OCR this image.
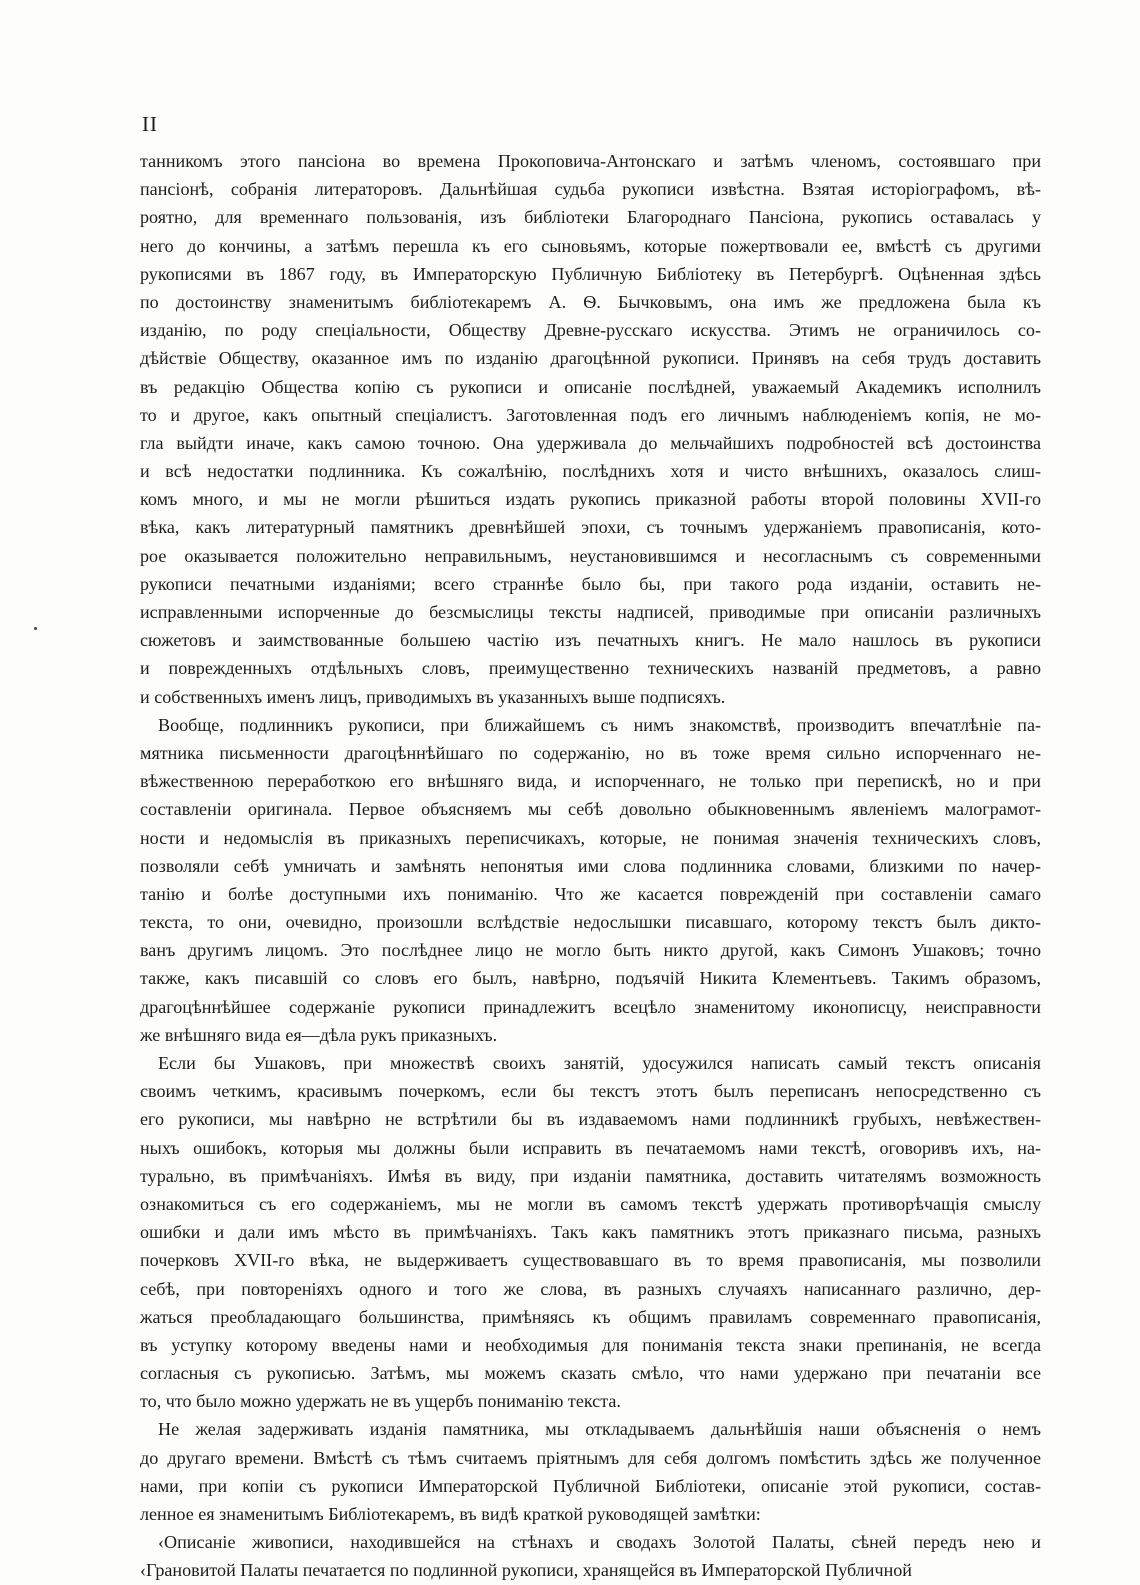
II
танникомъ этого пансіона во времена Прокоповича-Антонскаго и затѣмъ членомъ, состоявшаго при
пансіонѣ, собранія литераторовъ. Дальнѣйшая судьба рукописи извѣстна. Взятая исторіографомъ, вѣ-
роятно, для временнаго пользованія, изъ библіотеки Благороднаго Пансіона, рукопись оставалась у
него до кончины, а затѣмъ перешла къ его сыновьямъ, которые пожертвовали ее, вмѣстѣ съ другими
рукописями въ 1867 году, въ Императорскую Публичную Библіотеку въ Петербургѣ. Оцѣненная здѣсь
по достоинству знаменитымъ библіотекаремъ А. Ѳ. Бычковымъ, она имъ же предложена была къ
изданію, по роду спеціальности, Обществу Древне-русскаго искусства. Этимъ не ограничилось со-
дѣйствіе Обществу, оказанное имъ по изданію драгоцѣнной рукописи. Принявъ на себя трудъ доставить
въ редакцію Общества копію съ рукописи и описаніе послѣдней, уважаемый Академикъ исполнилъ
то и другое, какъ опытный спеціалистъ. Заготовленная подъ его личнымъ наблюденіемъ копія, не мо-
гла выйдти иначе, какъ самою точною. Она удерживала до мельчайшихъ подробностей всѣ достоинства
и всѣ недостатки подлинника. Къ сожалѣнію, послѣднихъ хотя и чисто внѣшнихъ, оказалось слиш-
комъ много, и мы не могли рѣшиться издать рукопись приказной работы второй половины XVII-го
вѣка, какъ литературный памятникъ древнѣйшей эпохи, съ точнымъ удержаніемъ правописанія, кото-
рое оказывается положительно неправильнымъ, неустановившимся и несогласнымъ съ современными
рукописи печатными изданіями; всего страннѣе было бы, при такого рода изданіи, оставить не-
исправленными испорченные до безсмыслицы тексты надписей, приводимые при описаніи различныхъ
сюжетовъ и заимствованные большею частію изъ печатныхъ книгъ. Не мало нашлось въ рукописи
и поврежденныхъ отдѣльныхъ словъ, преимущественно техническихъ названій предметовъ, а равно
и собственныхъ именъ лицъ, приводимыхъ въ указанныхъ выше подписяхъ.
Вообще, подлинникъ рукописи, при ближайшемъ съ нимъ знакомствѣ, производитъ впечатлѣніе па-
мятника письменности драгоцѣннѣйшаго по содержанію, но въ тоже время сильно испорченнаго не-
вѣжественною переработкою его внѣшняго вида, и испорченнаго, не только при перепискѣ, но и при
составленіи оригинала. Первое объясняемъ мы себѣ довольно обыкновеннымъ явленіемъ малограмот-
ности и недомыслія въ приказныхъ переписчикахъ, которые, не понимая значенія техническихъ словъ,
позволяли себѣ умничать и замѣнять непонятыя ими слова подлинника словами, близкими по начер-
танію и болѣе доступными ихъ пониманію. Что же касается поврежденій при составленіи самаго
текста, то они, очевидно, произошли вслѣдствіе недослышки писавшаго, которому текстъ былъ дикто-
ванъ другимъ лицомъ. Это послѣднее лицо не могло быть никто другой, какъ Симонъ Ушаковъ; точно
также, какъ писавшій со словъ его былъ, навѣрно, подъячій Никита Клементьевъ. Такимъ образомъ,
драгоцѣннѣйшее содержаніе рукописи принадлежитъ всецѣло знаменитому иконописцу, неисправности
же внѣшняго вида ея—дѣла рукъ приказныхъ.
Если бы Ушаковъ, при множествѣ своихъ занятій, удосужился написать самый текстъ описанія
своимъ четкимъ, красивымъ почеркомъ, если бы текстъ этотъ былъ переписанъ непосредственно съ
его рукописи, мы навѣрно не встрѣтили бы въ издаваемомъ нами подлинникѣ грубыхъ, невѣжествен-
ныхъ ошибокъ, которыя мы должны были исправить въ печатаемомъ нами текстѣ, оговоривъ ихъ, на-
турально, въ примѣчаніяхъ. Имѣя въ виду, при изданіи памятника, доставить читателямъ возможность
ознакомиться съ его содержаніемъ, мы не могли въ самомъ текстѣ удержать противорѣчащія смыслу
ошибки и дали имъ мѣсто въ примѣчаніяхъ. Такъ какъ памятникъ этотъ приказнаго письма, разныхъ
почерковъ XVII-го вѣка, не выдерживаетъ существовавшаго въ то время правописанія, мы позволили
себѣ, при повтореніяхъ одного и того же слова, въ разныхъ случаяхъ написаннаго различно, дер-
жаться преобладающаго большинства, примѣняясь къ общимъ правиламъ современнаго правописанія,
въ уступку которому введены нами и необходимыя для пониманія текста знаки препинанія, не всегда
согласныя съ рукописью. Затѣмъ, мы можемъ сказать смѣло, что нами удержано при печатаніи все
то, что было можно удержать не въ ущербъ пониманію текста.
Не желая задерживать изданія памятника, мы откладываемъ дальнѣйшія наши объясненія о немъ
до другаго времени. Вмѣстѣ съ тѣмъ считаемъ пріятнымъ для себя долгомъ помѣстить здѣсь же полученное
нами, при копіи съ рукописи Императорской Публичной Библіотеки, описаніе этой рукописи, состав-
ленное ея знаменитымъ Библіотекаремъ, въ видѣ краткой руководящей замѣтки:
‹Описаніе живописи, находившейся на стѣнахъ и сводахъ Золотой Палаты, сѣней передъ нею и
‹Грановитой Палаты печатается по подлинной рукописи, хранящейся въ Императорской Публичной
